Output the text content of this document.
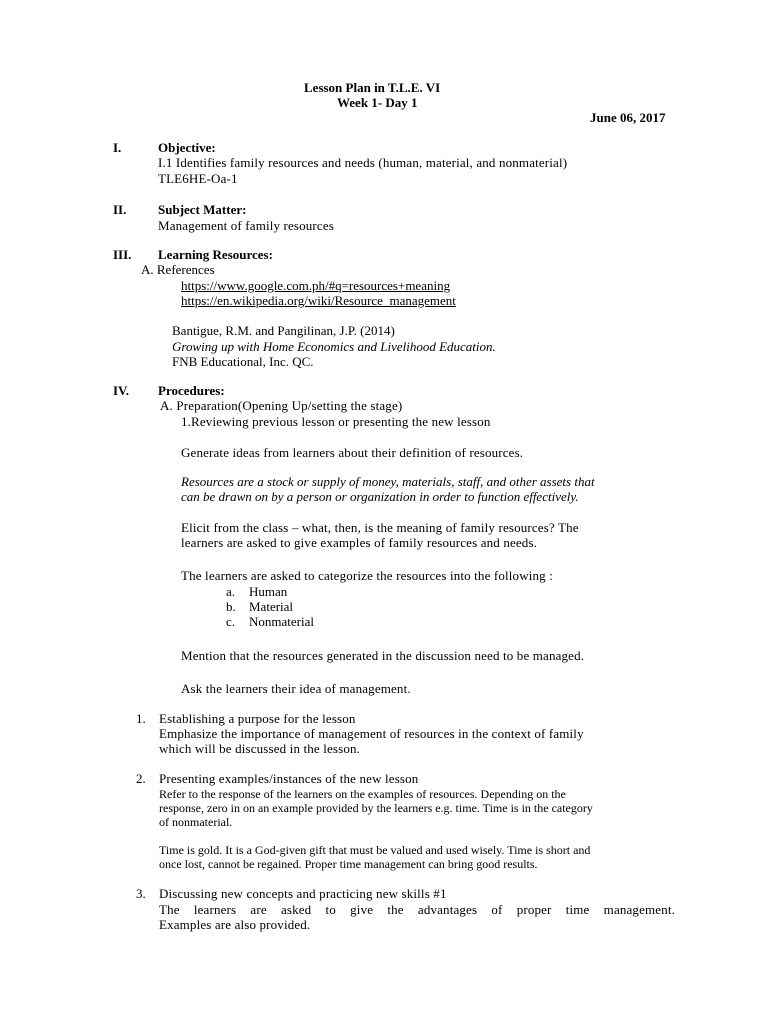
Lesson Plan in T.L.E. VI
Week 1- Day 1
June 06, 2017
I.	Objective:
I.1 Identifies family resources and needs (human, material, and nonmaterial)
TLE6HE-Oa-1
II. Subject Matter:
Management of family resources
III. Learning Resources:
A. References
https://www.google.com.ph/#q=resources+meaning
https://en.wikipedia.org/wiki/Resource_management
Bantigue, R.M. and Pangilinan, J.P. (2014)
Growing up with Home Economics and Livelihood Education.
FNB Educational, Inc. QC.
IV. Procedures:
A. Preparation(Opening Up/setting the stage)
1.Reviewing previous lesson or presenting the new lesson
Generate ideas from learners about their definition of resources.
Resources are a stock or supply of money, materials, staff, and other assets that
can be drawn on by a person or organization in order to function effectively.
Elicit from the class – what, then, is the meaning of family resources? The
learners are asked to give examples of family resources and needs.
The learners are asked to categorize the resources into the following :
a. Human
b. Material
c. Nonmaterial
Mention that the resources generated in the discussion need to be managed.
Ask the learners their idea of management.
1. Establishing a purpose for the lesson
Emphasize the importance of management of resources in the context of family
which will be discussed in the lesson.
2. Presenting examples/instances of the new lesson
Refer to the response of the learners on the examples of resources. Depending on the
response, zero in on an example provided by the learners e.g. time. Time is in the category
of nonmaterial.
Time is gold. It is a God-given gift that must be valued and used wisely. Time is short and
once lost, cannot be regained. Proper time management can bring good results.
3. Discussing new concepts and practicing new skills #1
The learners are asked to give the advantages of proper time management.
Examples are also provided.
